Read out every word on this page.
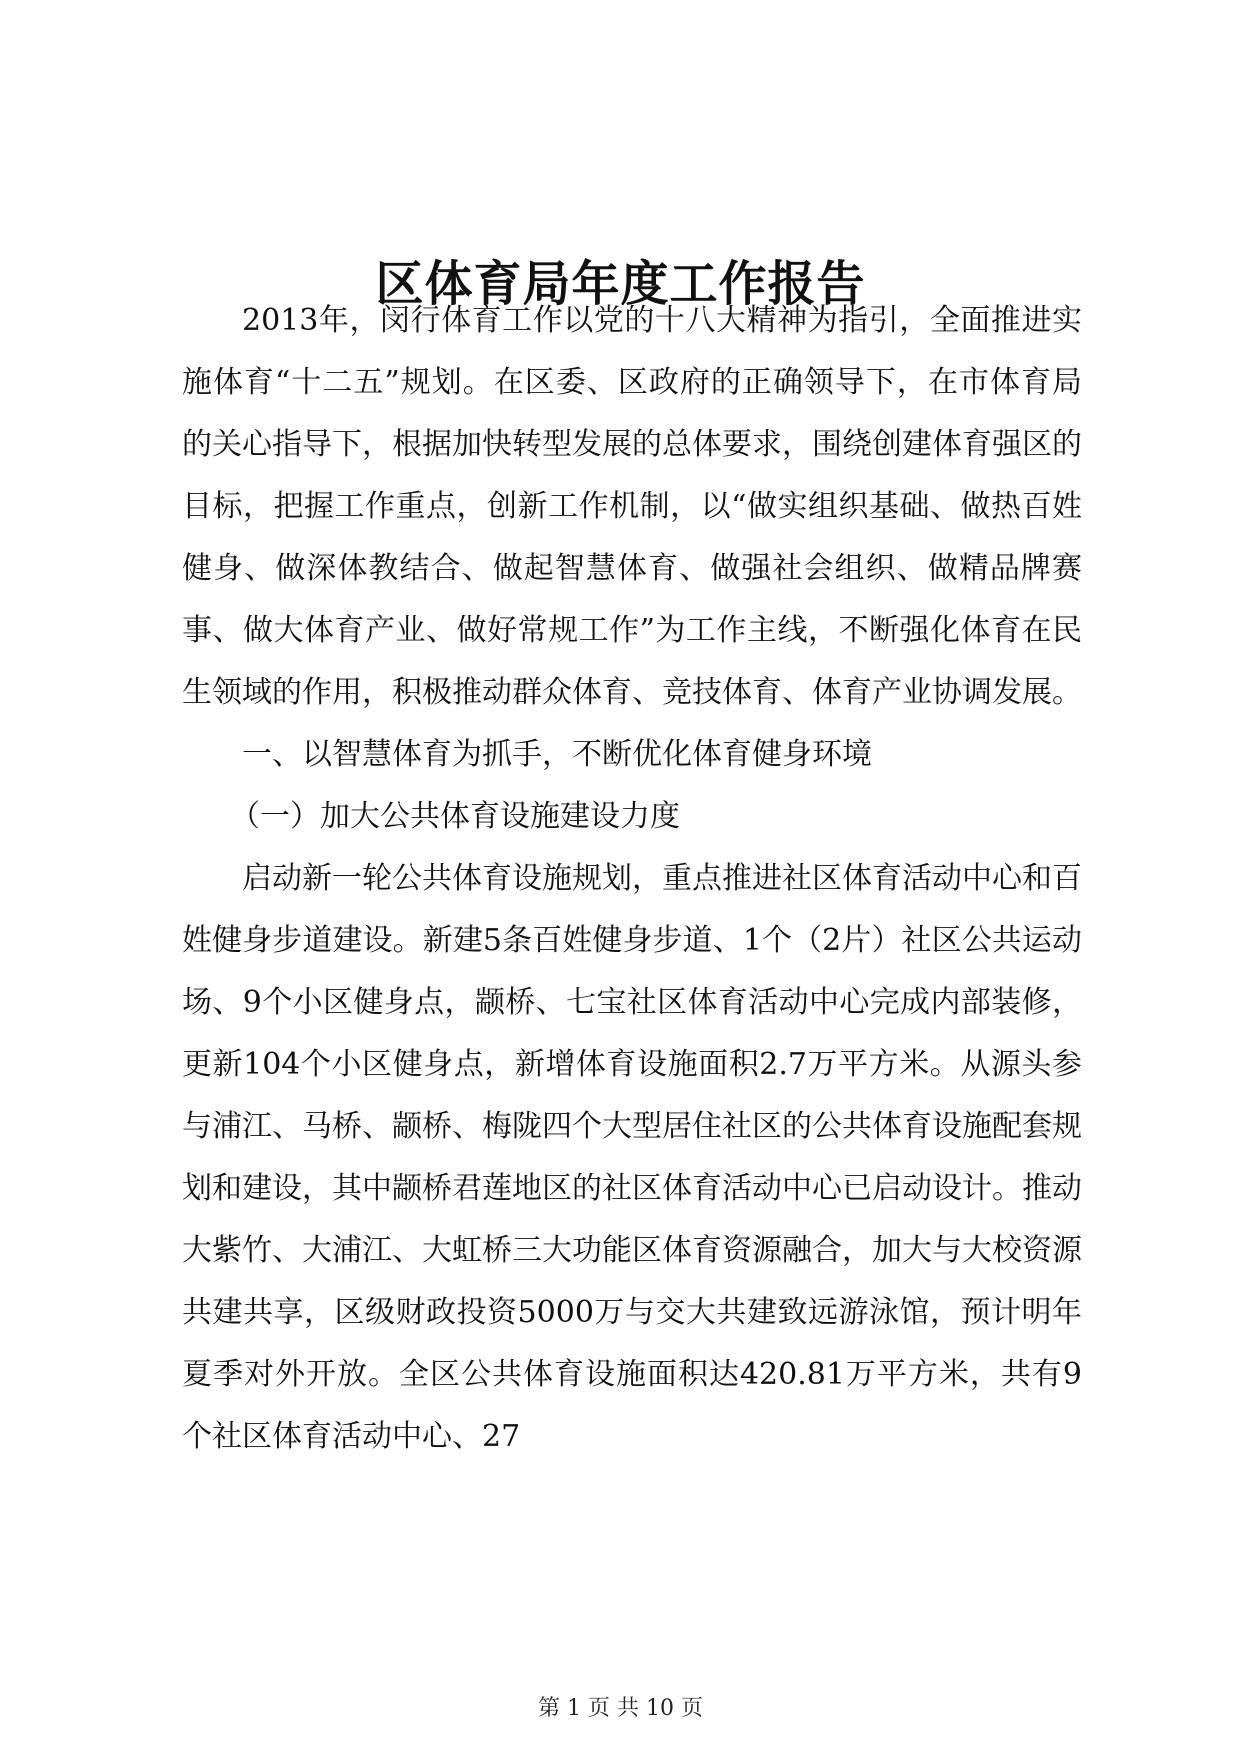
区体育局年度工作报告

2013年，闵行体育工作以党的十八大精神为指引，全面推进实施体育“十二五”规划。在区委、区政府的正确领导下，在市体育局的关心指导下，根据加快转型发展的总体要求，围绕创建体育强区的目标，把握工作重点，创新工作机制，以“做实组织基础、做热百姓健身、做深体教结合、做起智慧体育、做强社会组织、做精品牌赛事、做大体育产业、做好常规工作”为工作主线，不断强化体育在民生领域的作用，积极推动群众体育、竞技体育、体育产业协调发展。

一、以智慧体育为抓手，不断优化体育健身环境

（一）加大公共体育设施建设力度

启动新一轮公共体育设施规划，重点推进社区体育活动中心和百姓健身步道建设。新建5条百姓健身步道、1个（2片）社区公共运动场、9个小区健身点，颛桥、七宝社区体育活动中心完成内部装修，更新104个小区健身点，新增体育设施面积2.7万平方米。从源头参与浦江、马桥、颛桥、梅陇四个大型居住社区的公共体育设施配套规划和建设，其中颛桥君莲地区的社区体育活动中心已启动设计。推动大紫竹、大浦江、大虹桥三大功能区体育资源融合，加大与大校资源共建共享，区级财政投资5000万与交大共建致远游泳馆，预计明年夏季对外开放。全区公共体育设施面积达420.81万平方米，共有9个社区体育活动中心、27

第 1 页 共 10 页
